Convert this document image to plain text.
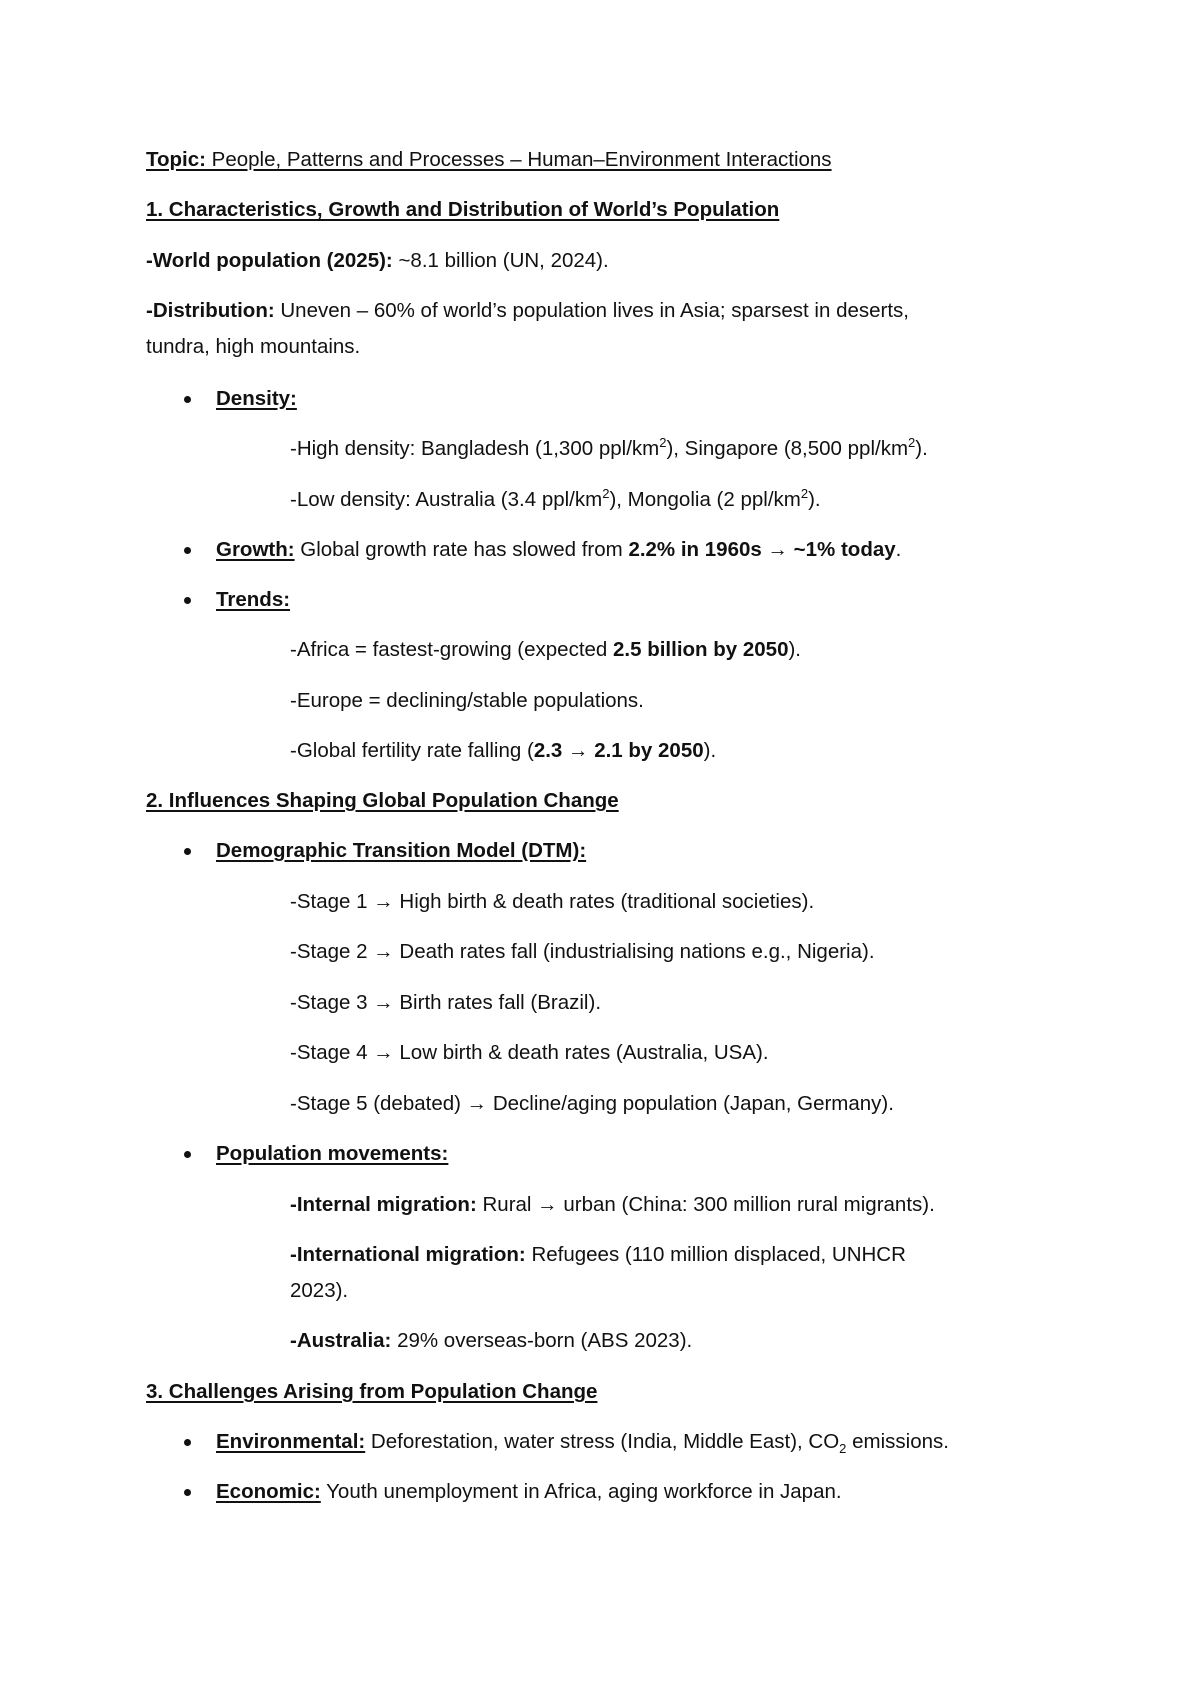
Topic: People, Patterns and Processes – Human–Environment Interactions
1. Characteristics, Growth and Distribution of World’s Population
-World population (2025): ~8.1 billion (UN, 2024).
-Distribution: Uneven – 60% of world’s population lives in Asia; sparsest in deserts,
tundra, high mountains.
Density:
-High density: Bangladesh (1,300 ppl/$km^2$), Singapore (8,500 ppl/$km^2$).
-Low density: Australia (3.4 ppl/$km^2$), Mongolia (2 ppl/$km^2$).
Growth: Global growth rate has slowed from 2.2% in 1960s → ~1% today.
Trends:
-Africa = fastest-growing (expected 2.5 billion by 2050).
-Europe = declining/stable populations.
-Global fertility rate falling (2.3 → 2.1 by 2050).
2. Influences Shaping Global Population Change
Demographic Transition Model (DTM):
-Stage 1 → High birth & death rates (traditional societies).
-Stage 2 → Death rates fall (industrialising nations e.g., Nigeria).
-Stage 3 → Birth rates fall (Brazil).
-Stage 4 → Low birth & death rates (Australia, USA).
-Stage 5 (debated) → Decline/aging population (Japan, Germany).
Population movements:
-Internal migration: Rural → urban (China: 300 million rural migrants).
-International migration: Refugees (110 million displaced, UNHCR
2023).
-Australia: 29% overseas-born (ABS 2023).
3. Challenges Arising from Population Change
Environmental: Deforestation, water stress (India, Middle East), $CO_2$ emissions.
Economic: Youth unemployment in Africa, aging workforce in Japan.
